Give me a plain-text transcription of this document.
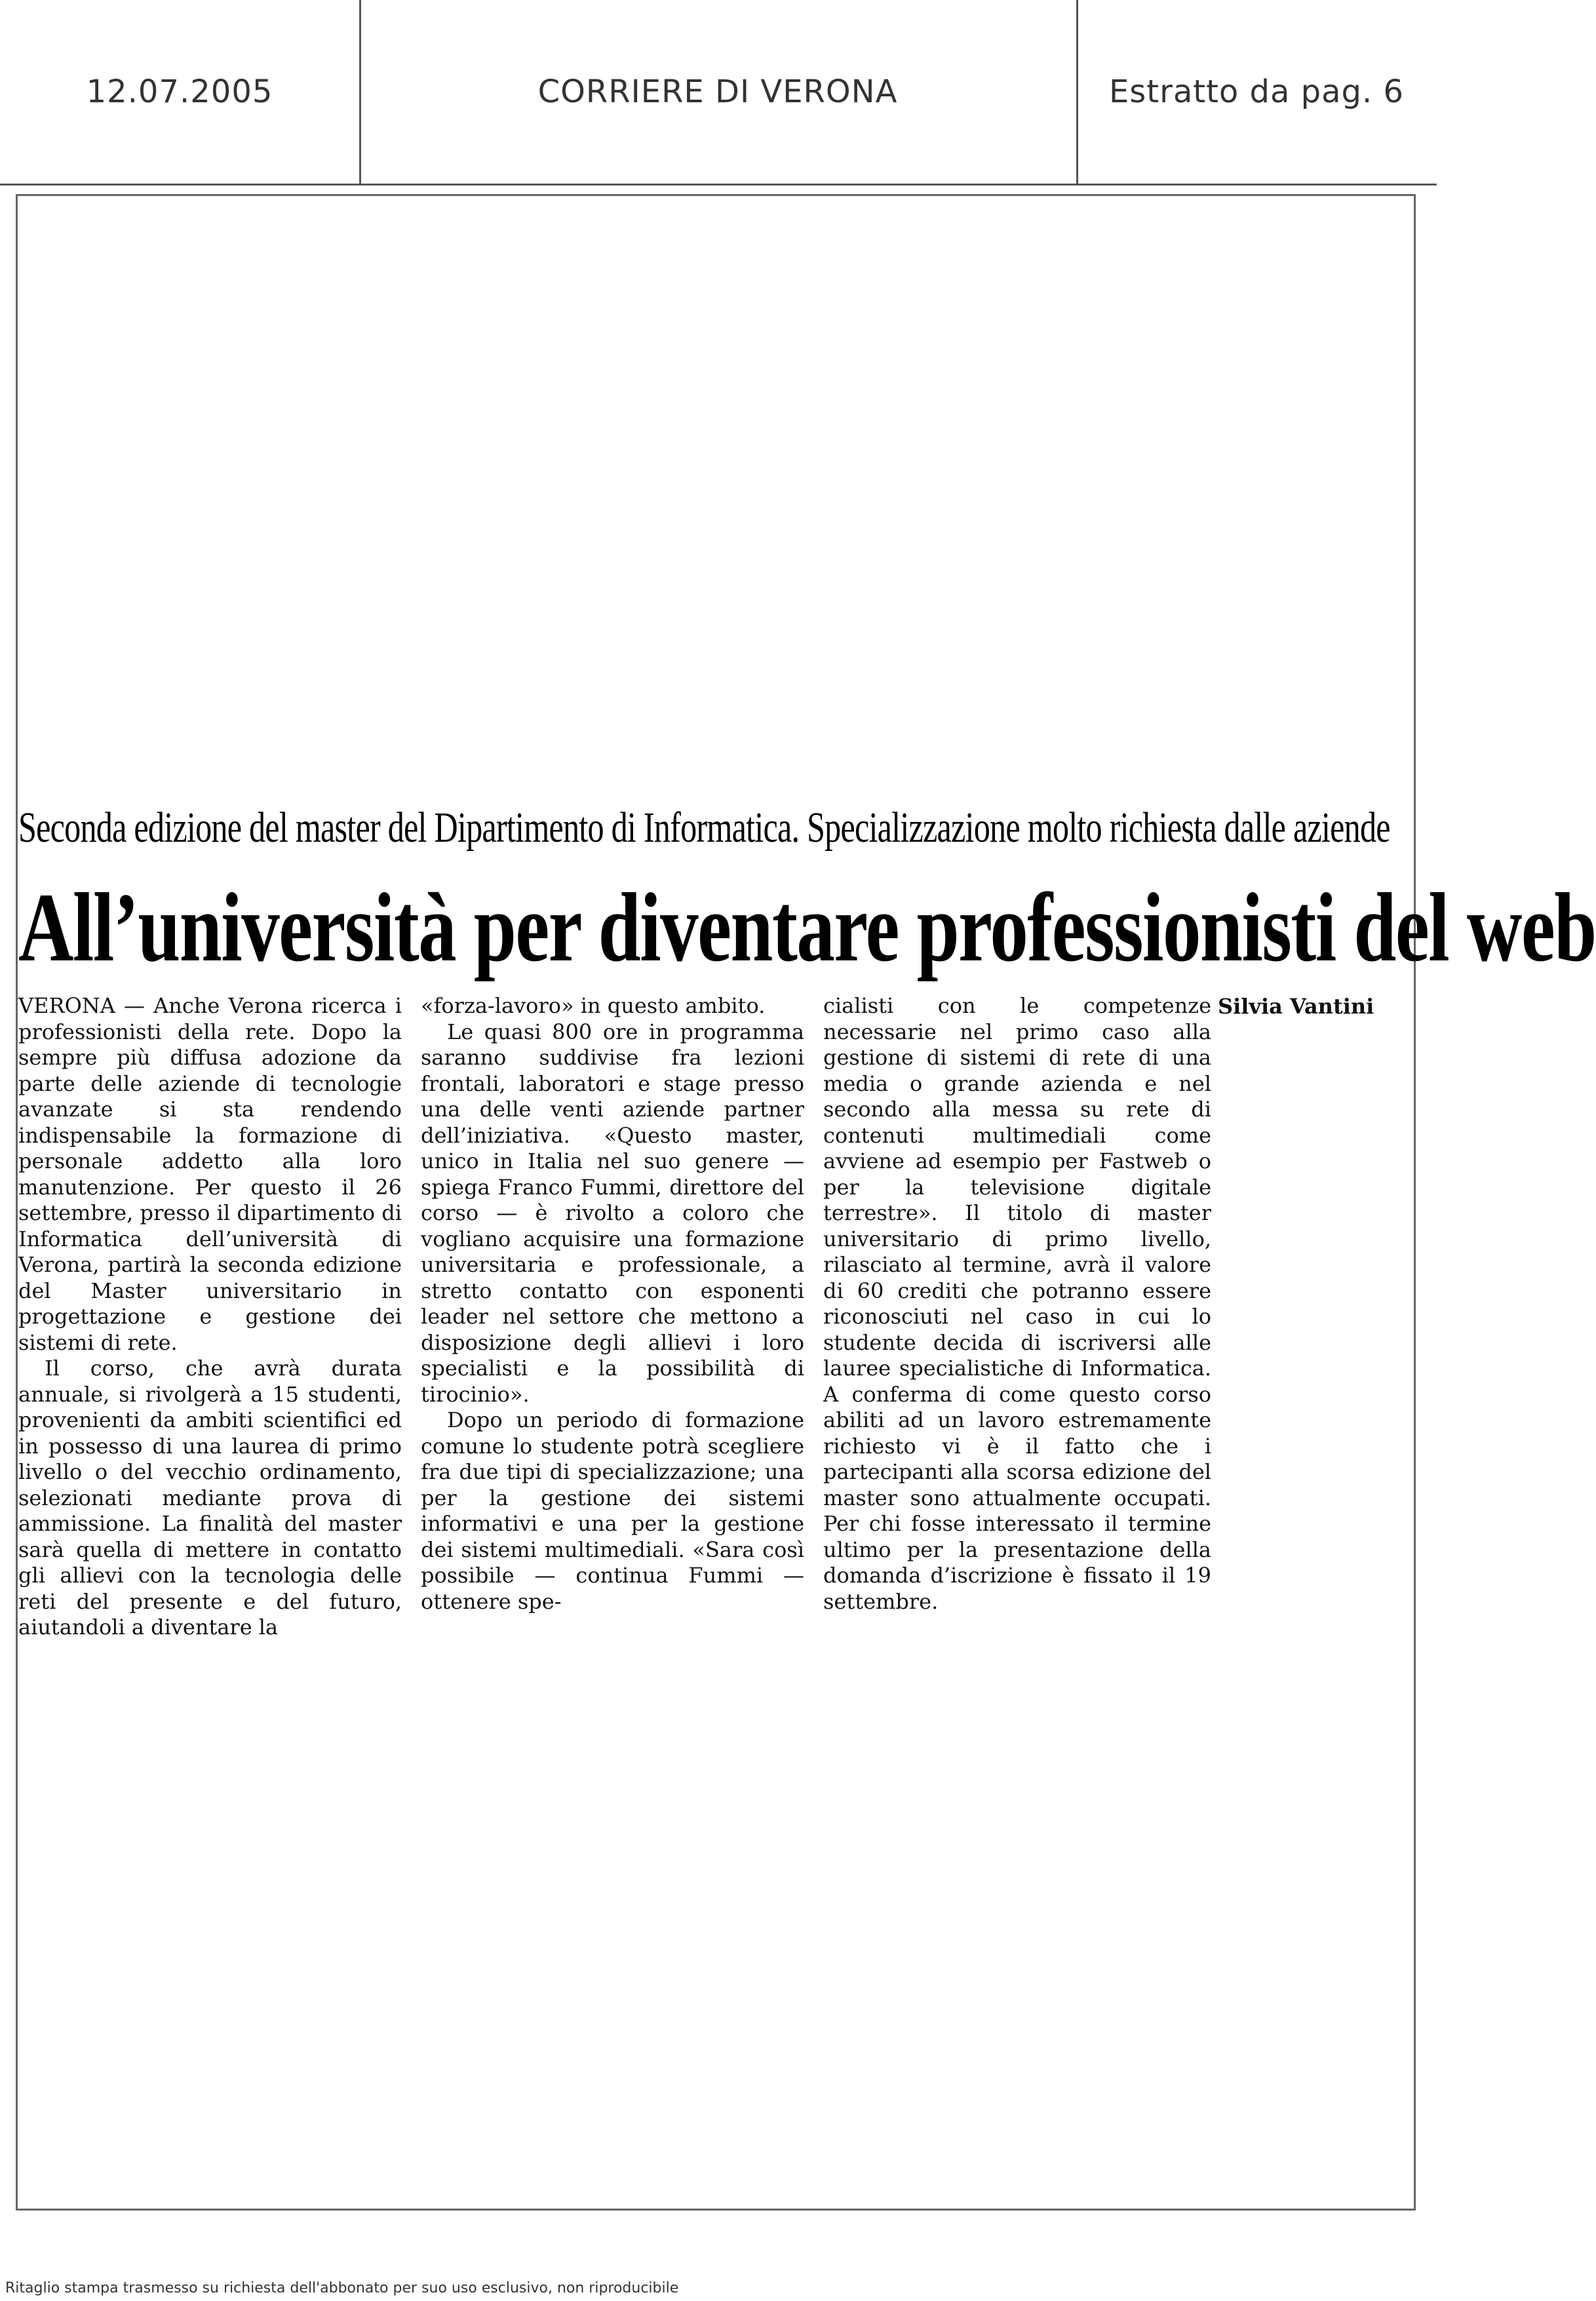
12.07.2005	CORRIERE DI VERONA	Estratto da pag. 6
Seconda edizione del master del Dipartimento di Informatica. Specializzazione molto richiesta dalle aziende
All’università per diventare professionisti del web

VERONA — Anche Verona ricerca i professionisti della rete. Dopo la sempre più diffusa adozione da parte delle aziende di tecnologie avanzate si sta rendendo indispensabile la formazione di personale addetto alla loro manutenzione. Per questo il 26 settembre, presso il dipartimento di Informatica dell’università di Verona, partirà la seconda edizione del Master universitario in progettazione e gestione dei sistemi di rete.

Il corso, che avrà durata annuale, si rivolgerà a 15 studenti, provenienti da ambiti scientifici ed in possesso di una laurea di primo livello o del vecchio ordinamento, selezionati mediante prova di ammissione. La finalità del master sarà quella di mettere in contatto gli allievi con la tecnologia delle reti del presente e del futuro, aiutandoli a diventare la

«forza-lavoro» in questo ambito.

Le quasi 800 ore in programma saranno suddivise fra lezioni frontali, laboratori e stage presso una delle venti aziende partner dell’iniziativa. «Questo master, unico in Italia nel suo genere — spiega Franco Fummi, direttore del corso — è rivolto a coloro che vogliano acquisire una formazione universitaria e professionale, a stretto contatto con esponenti leader nel settore che mettono a disposizione degli allievi i loro specialisti e la possibilità di tirocinio».

Dopo un periodo di formazione comune lo studente potrà scegliere fra due tipi di specializzazione; una per la gestione dei sistemi informativi e una per la gestione dei sistemi multimediali. «Sara così possibile — continua Fummi — ottenere spe-

cialisti con le competenze necessarie nel primo caso alla gestione di sistemi di rete di una media o grande azienda e nel secondo alla messa su rete di contenuti multimediali come avviene ad esempio per Fastweb o per la televisione digitale terrestre». Il titolo di master universitario di primo livello, rilasciato al termine, avrà il valore di 60 crediti che potranno essere riconosciuti nel caso in cui lo studente decida di iscriversi alle lauree specialistiche di Informatica. A conferma di come questo corso abiliti ad un lavoro estremamente richiesto vi è il fatto che i partecipanti alla scorsa edizione del master sono attualmente occupati. Per chi fosse interessato il termine ultimo per la presentazione della domanda d’iscrizione è fissato il 19 settembre.

Silvia Vantini
Ritaglio stampa trasmesso su richiesta dell'abbonato per suo uso esclusivo, non riproducibile
